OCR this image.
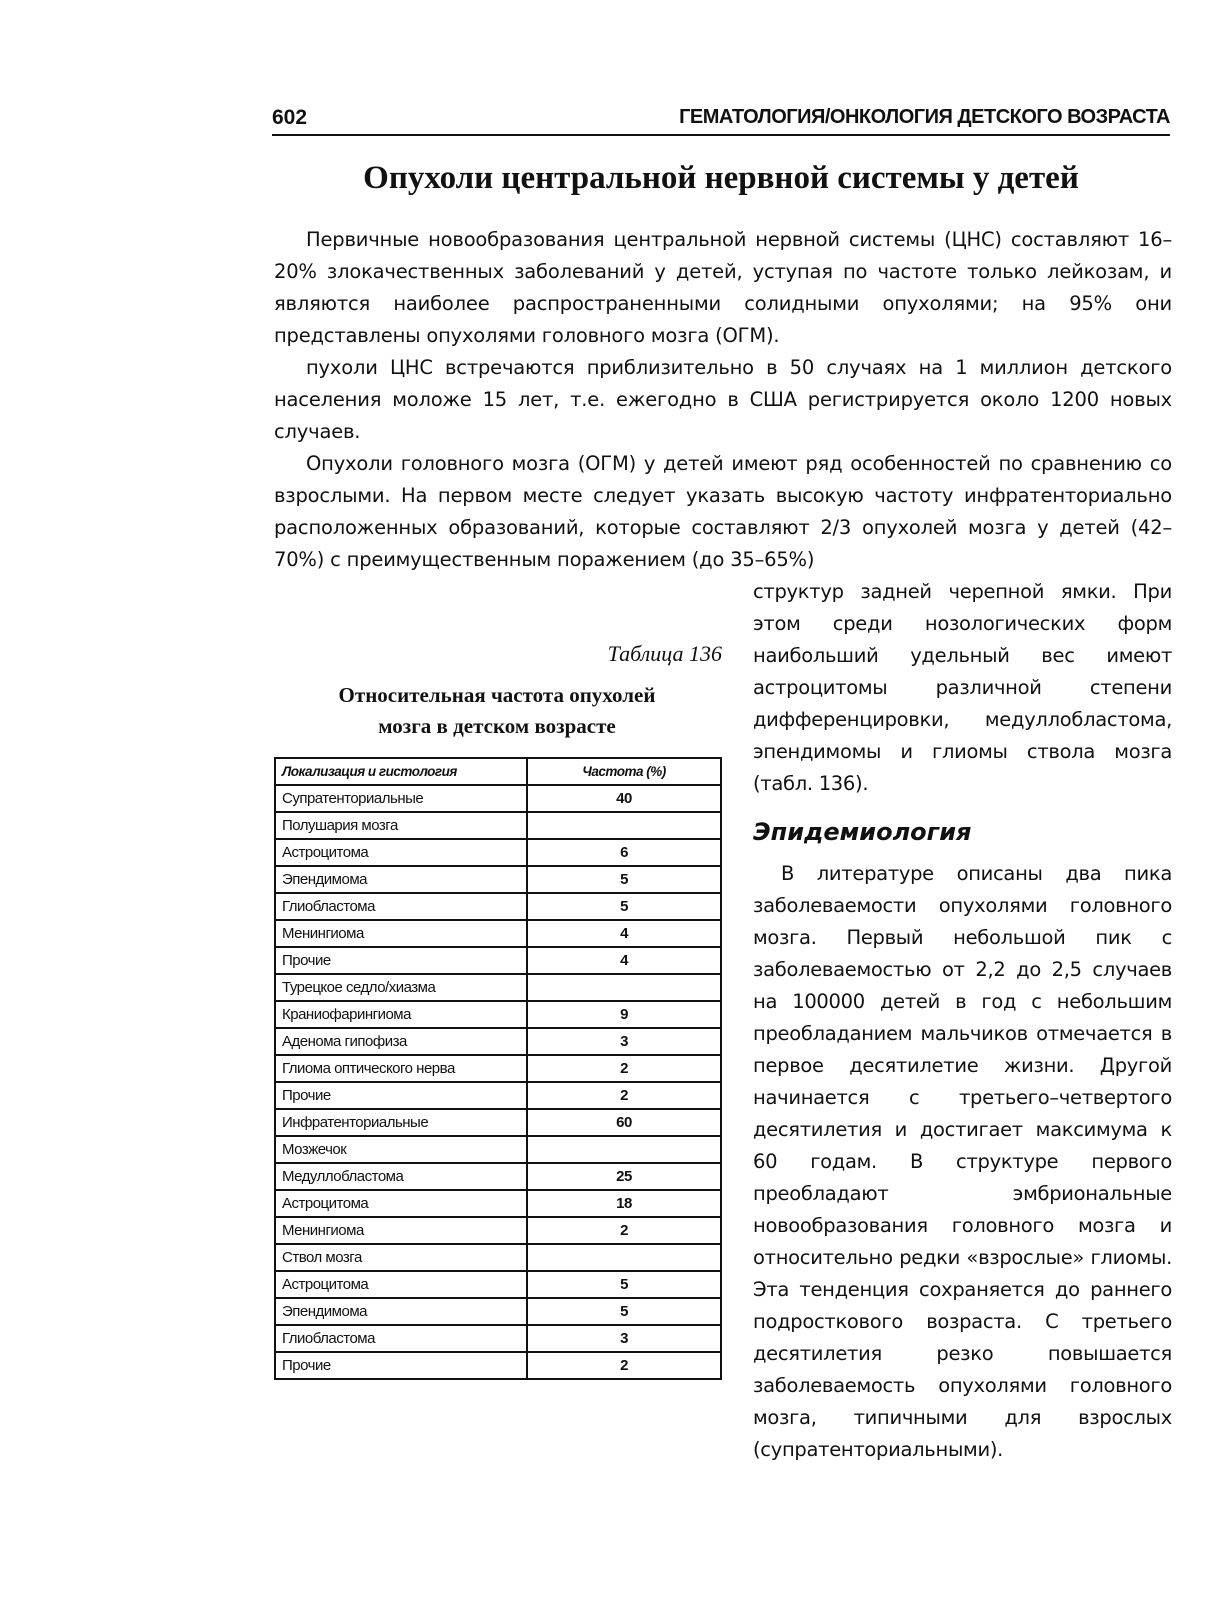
602	ГЕМАТОЛОГИЯ/ОНКОЛОГИЯ ДЕТСКОГО ВОЗРАСТА
Опухоли центральной нервной системы у детей

Первичные новообразования центральной нервной системы (ЦНС) составляют 16–20% злокачественных заболеваний у детей, уступая по частоте только лейкозам, и являются наиболее распространенными солидными опухолями; на 95% они представлены опухолями головного мозга (ОГМ).

пухоли ЦНС встречаются приблизительно в 50 случаях на 1 миллион детского населения моложе 15 лет, т.е. ежегодно в США регистрируется около 1200 новых случаев.

Опухоли головного мозга (ОГМ) у детей имеют ряд особенностей по сравнению со взрослыми. На первом месте следует указать высокую частоту инфратенториально расположенных образований, которые составляют 2/3 опухолей мозга у детей (42–70%) с преимущественным поражением (до 35–65%)

структур задней черепной ямки. При этом среди нозологических форм наибольший удельный вес имеют астроцитомы различной степени дифференцировки, медуллобластома, эпендимомы и глиомы ствола мозга (табл. 136).

Эпидемиология

В литературе описаны два пика заболеваемости опухолями головного мозга. Первый небольшой пик с заболеваемостью от 2,2 до 2,5 случаев на 100000 детей в год с небольшим преобладанием мальчиков отмечается в первое десятилетие жизни. Другой начинается с третьего–четвертого десятилетия и достигает максимума к 60 годам. В структуре первого преобладают эмбриональные новообразования головного мозга и относительно редки «взрослые» глиомы. Эта тенденция сохраняется до раннего подросткового возраста. С третьего десятилетия резко повышается заболеваемость опухолями головного мозга, типичными для взрослых (супратенториальными).

Таблица 136
Относительная частота опухолей
мозга в детском возрасте
Локализация и гистология	Частота (%)
Супратенториальные	40
Полушария мозга	
Астроцитома	6
Эпендимома	5
Глиобластома	5
Менингиома	4
Прочие	4
Турецкое седло/хиазма	
Краниофарингиома	9
Аденома гипофиза	3
Глиома оптического нерва	2
Прочие	2
Инфратенториальные	60
Мозжечок	
Медуллобластома	25
Астроцитома	18
Менингиома	2
Ствол мозга	
Астроцитома	5
Эпендимома	5
Глиобластома	3
Прочие	2
